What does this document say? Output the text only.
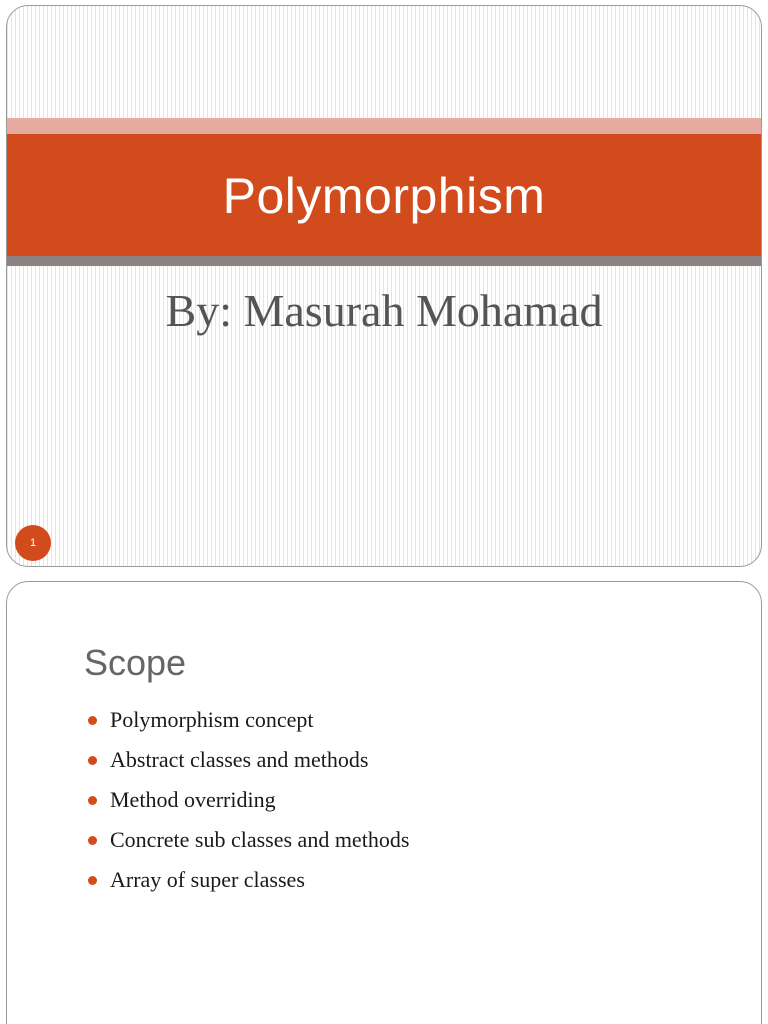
Polymorphism
By: Masurah Mohamad
1
Scope
Polymorphism concept
Abstract classes and methods
Method overriding
Concrete sub classes and methods
Array of super classes
